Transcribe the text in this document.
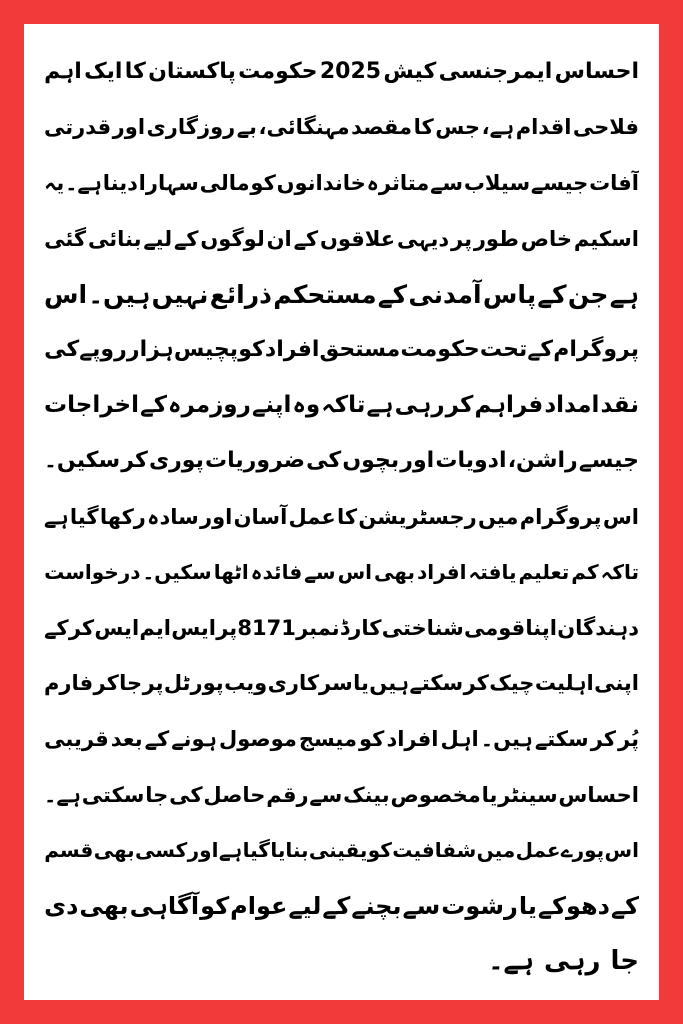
احساس
ایمرجنسی
کیش
2025
حکومت
پاکستان
کا
ایک
اہم
فلاحی
اقدام
ہے،
جس
کا
مقصد
مہنگائی،
بے
روزگاری
اور
قدرتی
آفات
جیسے
سیلاب
سے
متاثرہ
خاندانوں
کو
مالی
سہارا
دینا
ہے۔
یہ
اسکیم
خاص
طور
پر
دیہی
علاقوں
کے
ان
لوگوں
کے
لیے
بنائی
گئی
ہے
جن
کے
پاس
آمدنی
کے
مستحکم
ذرائع
نہیں
ہیں۔
اس
پروگرام
کے
تحت
حکومت
مستحق
افراد
کو
پچیس
ہزار
روپے
کی
نقد
امداد
فراہم
کر
رہی
ہے
تاکہ
وہ
اپنے
روزمرہ
کے
اخراجات
جیسے
راشن،
ادویات
اور
بچوں
کی
ضروریات
پوری
کر
سکیں۔
اس
پروگرام
میں
رجسٹریشن
کا
عمل
آسان
اور
سادہ
رکھا
گیا
ہے
تاکہ
کم
تعلیم
یافتہ
افراد
بھی
اس
سے
فائدہ
اٹھا
سکیں۔
درخواست
دہندگان
اپنا
قومی
شناختی
کارڈ
نمبر
8171
پر
ایس
ایم
ایس
کر
کے
اپنی
اہلیت
چیک
کر
سکتے
ہیں
یا
سرکاری
ویب
پورٹل
پر
جا
کر
فارم
پُر
کر
سکتے
ہیں۔
اہل
افراد
کو
میسج
موصول
ہونے
کے
بعد
قریبی
احساس
سینٹر
یا
مخصوص
بینک
سے
رقم
حاصل
کی
جا
سکتی
ہے۔
اس
پورے
عمل
میں
شفافیت
کو
یقینی
بنایا
گیا
ہے
اور
کسی
بھی
قسم
کے
دھوکے
یا
رشوت
سے
بچنے
کے
لیے
عوام
کو
آگاہی
بھی
دی
جا
رہی
ہے۔
